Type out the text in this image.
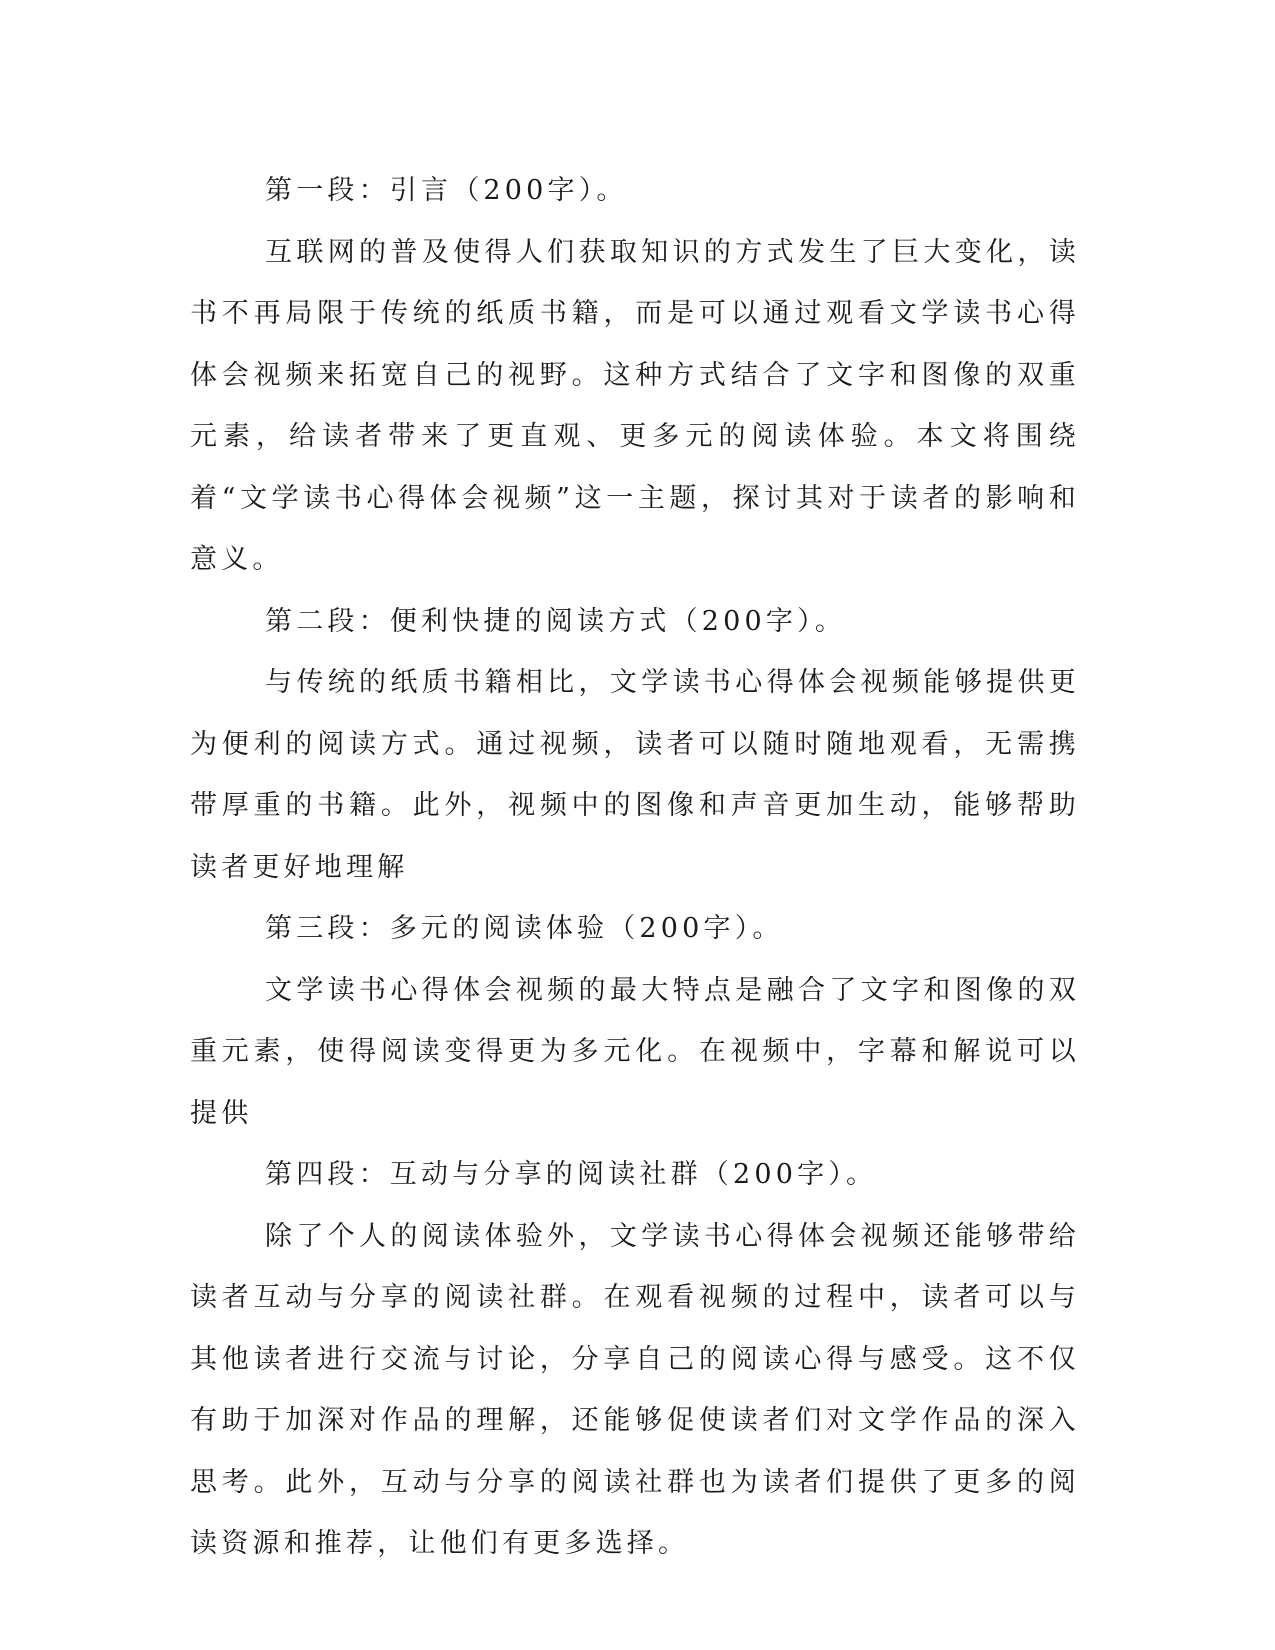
第一段：引言（200字）。

互联网的普及使得人们获取知识的方式发生了巨大变化，读书不再局限于传统的纸质书籍，而是可以通过观看文学读书心得体会视频来拓宽自己的视野。这种方式结合了文字和图像的双重元素，给读者带来了更直观、更多元的阅读体验。本文将围绕着“文学读书心得体会视频”这一主题，探讨其对于读者的影响和意义。

第二段：便利快捷的阅读方式（200字）。

与传统的纸质书籍相比，文学读书心得体会视频能够提供更为便利的阅读方式。通过视频，读者可以随时随地观看，无需携带厚重的书籍。此外，视频中的图像和声音更加生动，能够帮助读者更好地理解

第三段：多元的阅读体验（200字）。

文学读书心得体会视频的最大特点是融合了文字和图像的双重元素，使得阅读变得更为多元化。在视频中，字幕和解说可以提供

第四段：互动与分享的阅读社群（200字）。

除了个人的阅读体验外，文学读书心得体会视频还能够带给读者互动与分享的阅读社群。在观看视频的过程中，读者可以与其他读者进行交流与讨论，分享自己的阅读心得与感受。这不仅有助于加深对作品的理解，还能够促使读者们对文学作品的深入思考。此外，互动与分享的阅读社群也为读者们提供了更多的阅读资源和推荐，让他们有更多选择。
